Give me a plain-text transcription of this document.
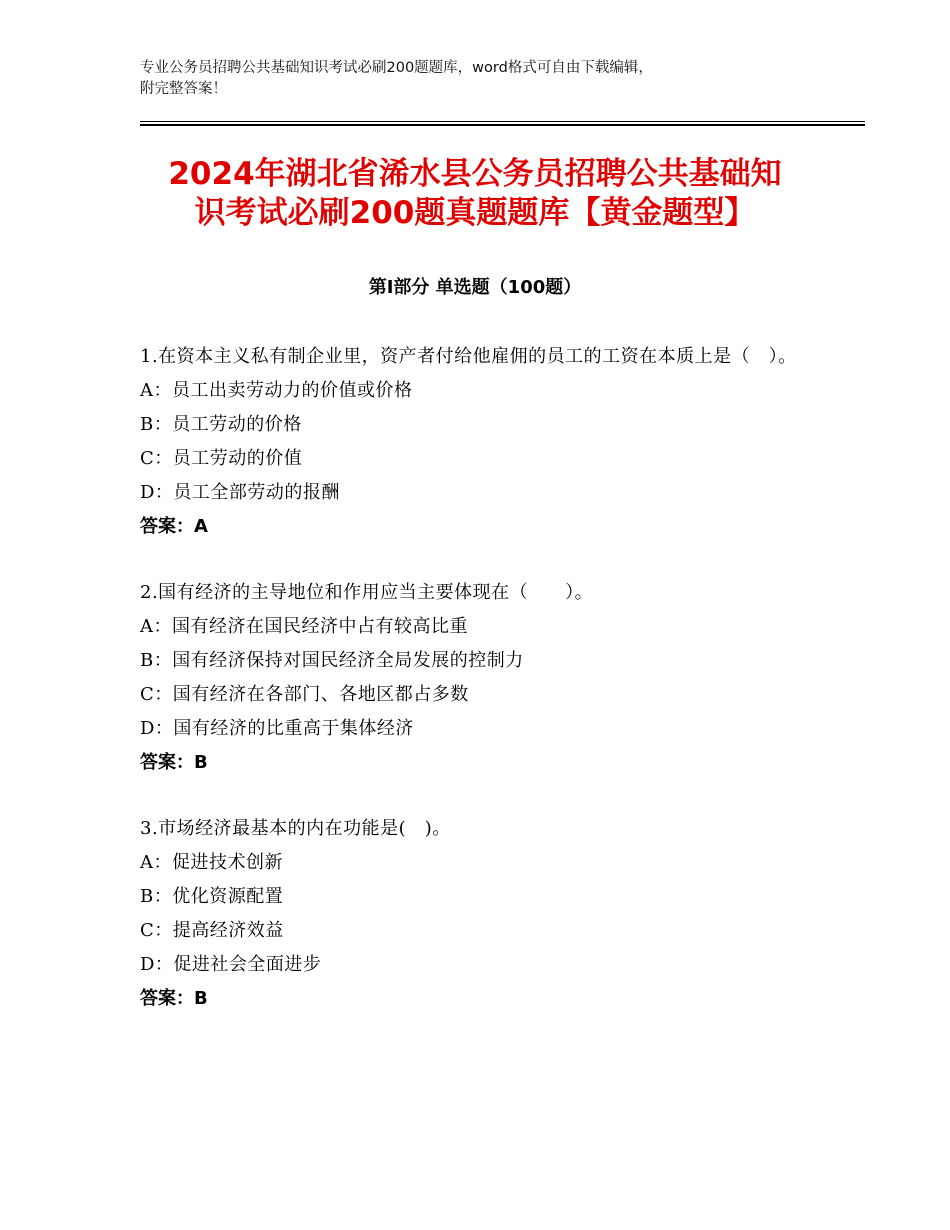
专业公务员招聘公共基础知识考试必刷200题题库，word格式可自由下载编辑，
附完整答案！
2024年湖北省浠水县公务员招聘公共基础知
识考试必刷200题真题题库【黄金题型】
第Ⅰ部分 单选题（100题）
1.在资本主义私有制企业里，资产者付给他雇佣的员工的工资在本质上是（　）。
A：员工出卖劳动力的价值或价格
B：员工劳动的价格
C：员工劳动的价值
D：员工全部劳动的报酬
答案：A
2.国有经济的主导地位和作用应当主要体现在（　　）。
A：国有经济在国民经济中占有较高比重
B：国有经济保持对国民经济全局发展的控制力
C：国有经济在各部门、各地区都占多数
D：国有经济的比重高于集体经济
答案：B
3.市场经济最基本的内在功能是(　)。
A：促进技术创新
B：优化资源配置
C：提高经济效益
D：促进社会全面进步
答案：B
